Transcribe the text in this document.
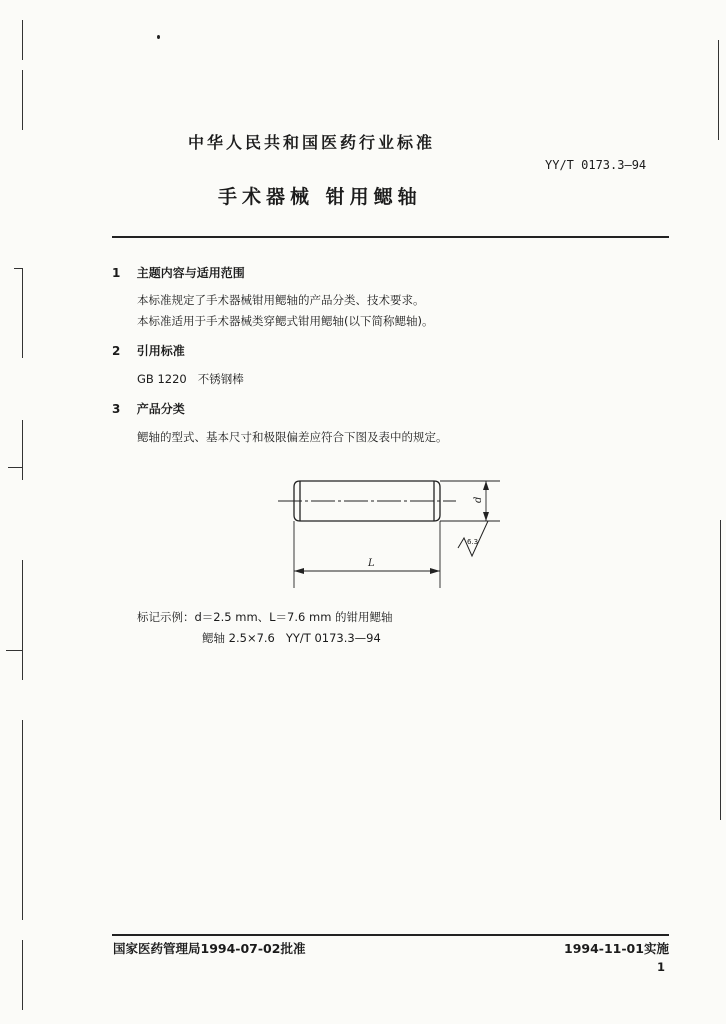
中华人民共和国医药行业标准
YY/T 0173.3—94
手术器械 钳用鳃轴
1 主题内容与适用范围
本标准规定了手术器械钳用鳃轴的产品分类、技术要求。
本标准适用于手术器械类穿鳃式钳用鳃轴(以下简称鳃轴)。
2 引用标准
GB 1220   不锈钢棒
3 产品分类
鳃轴的型式、基本尺寸和极限偏差应符合下图及表中的规定。
d
L
6.3
标记示例：d＝2.5 mm、L＝7.6 mm 的钳用鳃轴
鳃轴 2.5×7.6   YY/T 0173.3—94
国家医药管理局1994-07-02批准	1994-11-01实施
1
